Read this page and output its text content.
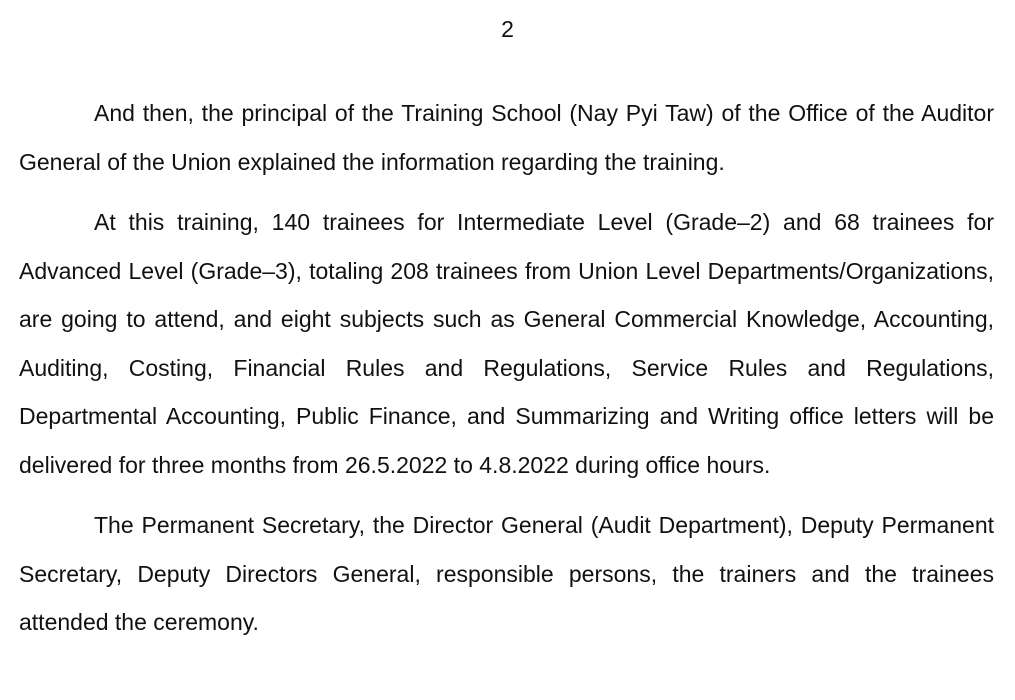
2

And then, the principal of the Training School (Nay Pyi Taw) of the Office of the Auditor General of the Union explained the information regarding the training.

At this training, 140 trainees for Intermediate Level (Grade–2) and 68 trainees for Advanced Level (Grade–3), totaling 208 trainees from Union Level Departments/Organizations, are going to attend, and eight subjects such as General Commercial Knowledge, Accounting, Auditing, Costing, Financial Rules and Regulations, Service Rules and Regulations, Departmental Accounting, Public Finance, and Summarizing and Writing office letters will be delivered for three months from 26.5.2022 to 4.8.2022 during office hours.

The Permanent Secretary, the Director General (Audit Department), Deputy Permanent Secretary, Deputy Directors General, responsible persons, the trainers and the trainees attended the ceremony.
